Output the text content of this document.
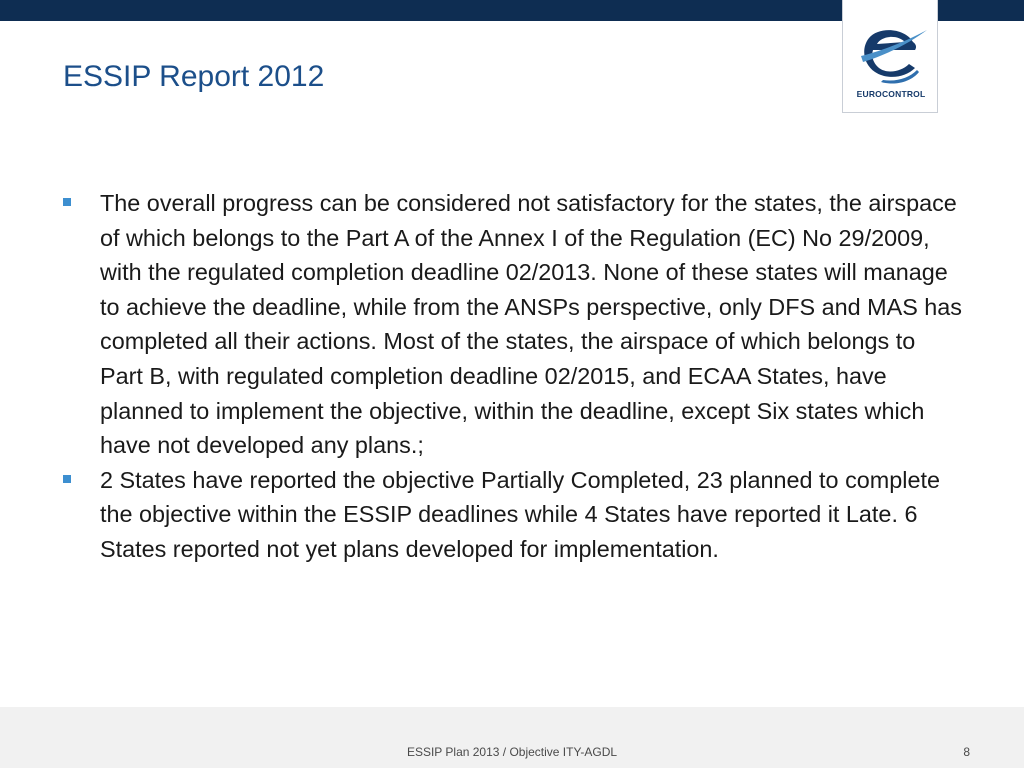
EUROCONTROL
ESSIP Report 2012
The overall progress can be considered not satisfactory for the states, the airspace of which belongs to the Part A of the Annex I of the Regulation (EC) No 29/2009, with the regulated completion deadline 02/2013. None of these states will manage to achieve the deadline, while from the ANSPs perspective, only DFS and MAS has completed all their actions. Most of the states, the airspace of which belongs to Part B, with regulated completion deadline 02/2015, and ECAA States, have planned to implement the objective, within the deadline, except Six states which have not developed any plans.;
2 States have reported the objective Partially Completed, 23 planned to complete the objective within the ESSIP deadlines while 4 States have reported it Late. 6 States reported not yet plans developed for implementation.
ESSIP Plan 2013 / Objective ITY-AGDL	8
